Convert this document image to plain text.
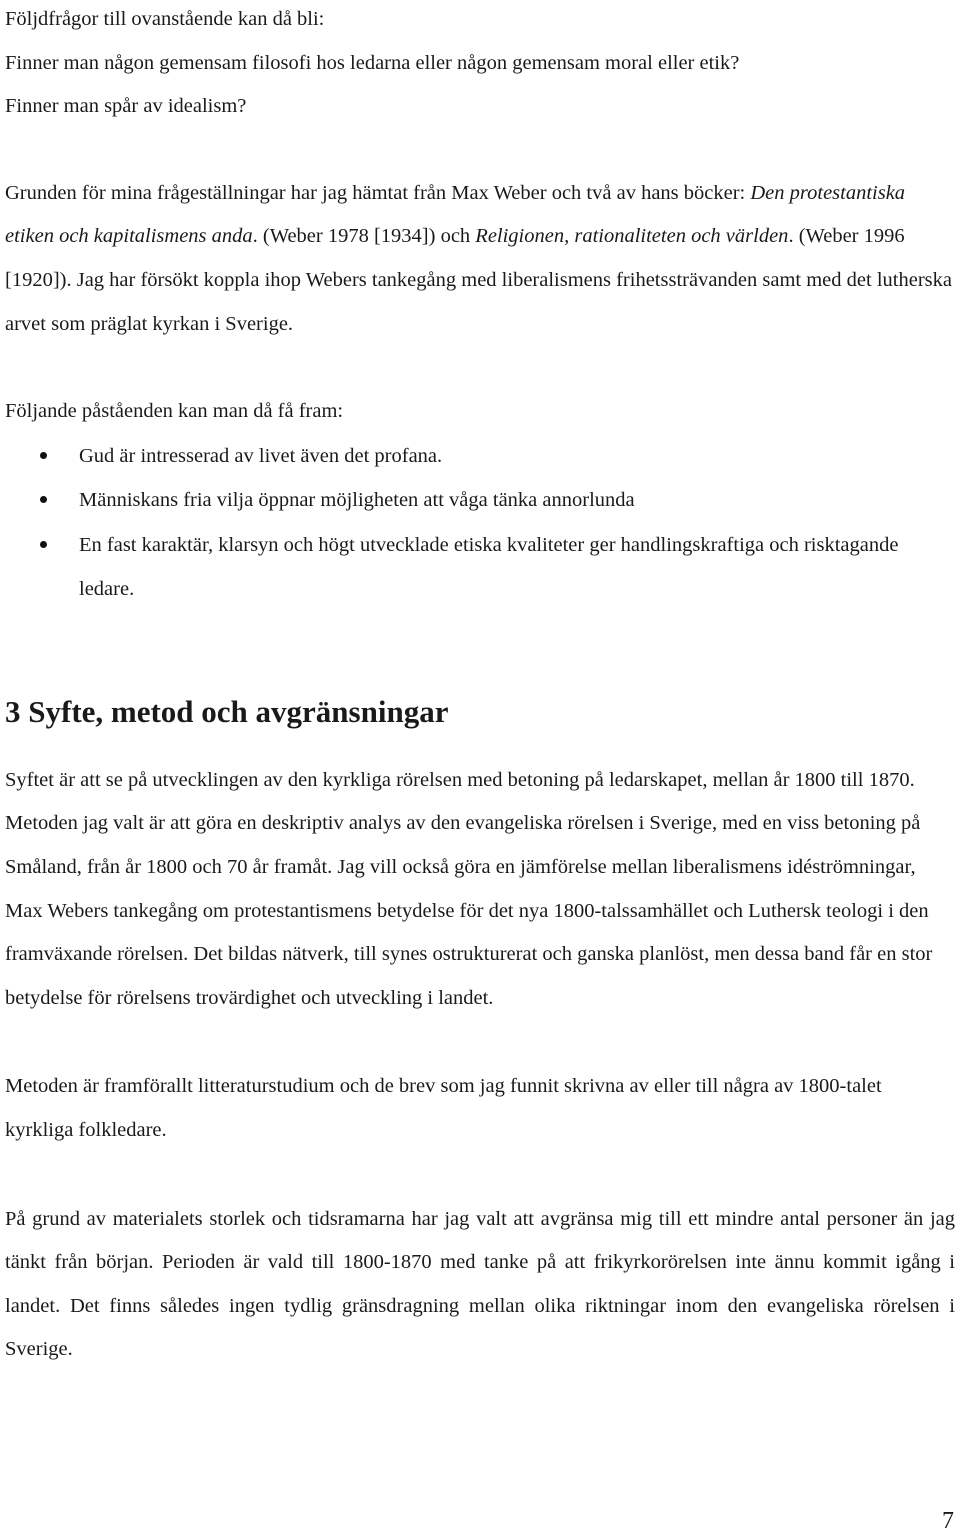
Följdfrågor till ovanstående kan då bli:

Finner man någon gemensam filosofi hos ledarna eller någon gemensam moral eller etik?

Finner man spår av idealism?

Grunden för mina frågeställningar har jag hämtat från Max Weber och två av hans böcker: Den protestantiska etiken och kapitalismens anda. (Weber 1978 [1934]) och Religionen, rationaliteten och världen. (Weber 1996 [1920]). Jag har försökt koppla ihop Webers tankegång med liberalismens frihetssträvanden samt med det lutherska arvet som präglat kyrkan i Sverige.

Följande påståenden kan man då få fram:

Gud är intresserad av livet även det profana.
Människans fria vilja öppnar möjligheten att våga tänka annorlunda
En fast karaktär, klarsyn och högt utvecklade etiska kvaliteter ger handlingskraftiga och risktagande ledare.
3 Syfte, metod och avgränsningar

Syftet är att se på utvecklingen av den kyrkliga rörelsen med betoning på ledarskapet, mellan år 1800 till 1870. Metoden jag valt är att göra en deskriptiv analys av den evangeliska rörelsen i Sverige, med en viss betoning på Småland, från år 1800 och 70 år framåt. Jag vill också göra en jämförelse mellan liberalismens idéströmningar, Max Webers tankegång om protestantismens betydelse för det nya 1800-talssamhället och Luthersk teologi i den framväxande rörelsen. Det bildas nätverk, till synes ostrukturerat och ganska planlöst, men dessa band får en stor betydelse för rörelsens trovärdighet och utveckling i landet.

Metoden är framförallt litteraturstudium och de brev som jag funnit skrivna av eller till några av 1800-talet kyrkliga folkledare.

På grund av materialets storlek och tidsramarna har jag valt att avgränsa mig till ett mindre antal personer än jag tänkt från början. Perioden är vald till 1800-1870 med tanke på att frikyrkorörelsen inte ännu kommit igång i landet. Det finns således ingen tydlig gränsdragning mellan olika riktningar inom den evangeliska rörelsen i Sverige.

7
